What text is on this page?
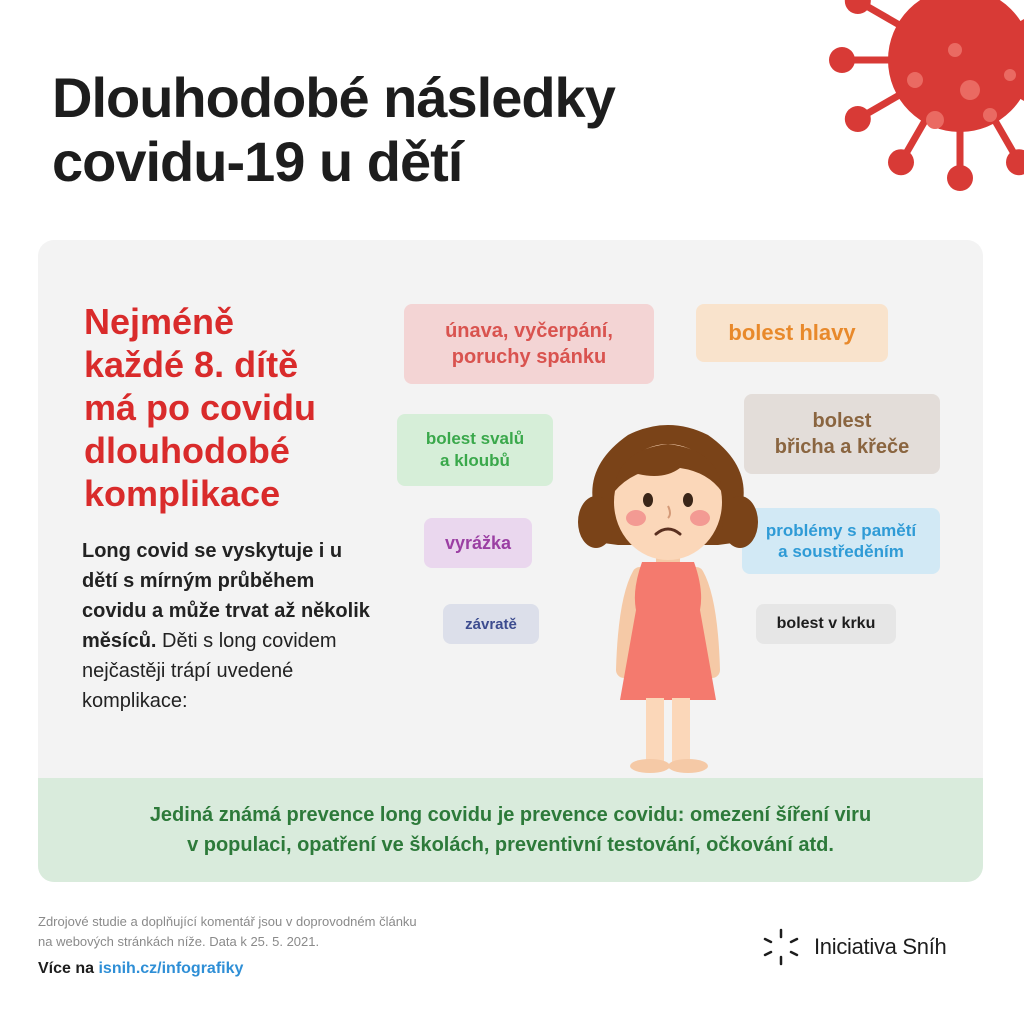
Dlouhodobé následky
covidu-19 u dětí
Nejméně
každé 8. dítě
má po covidu
dlouhodobé
komplikace

Long covid se vyskytuje i u dětí s mírným průběhem covidu a může trvat až několik měsíců. Děti s long covidem nejčastěji trápí uvedené komplikace:

únava, vyčerpání,
poruchy spánku
bolest hlavy
bolest svalů
a kloubů
bolest
břicha a křeče
vyrážka
problémy s pamětí
a soustředěním
závratě	bolest v krku
Jediná známá prevence long covidu je prevence covidu: omezení šíření viru
v populaci, opatření ve školách, preventivní testování, očkování atd.

Zdrojové studie a doplňující komentář jsou v doprovodném článku
na webových stránkách níže. Data k 25. 5. 2021.

Více na isnih.cz/infografiky
Iniciativa Sníh
